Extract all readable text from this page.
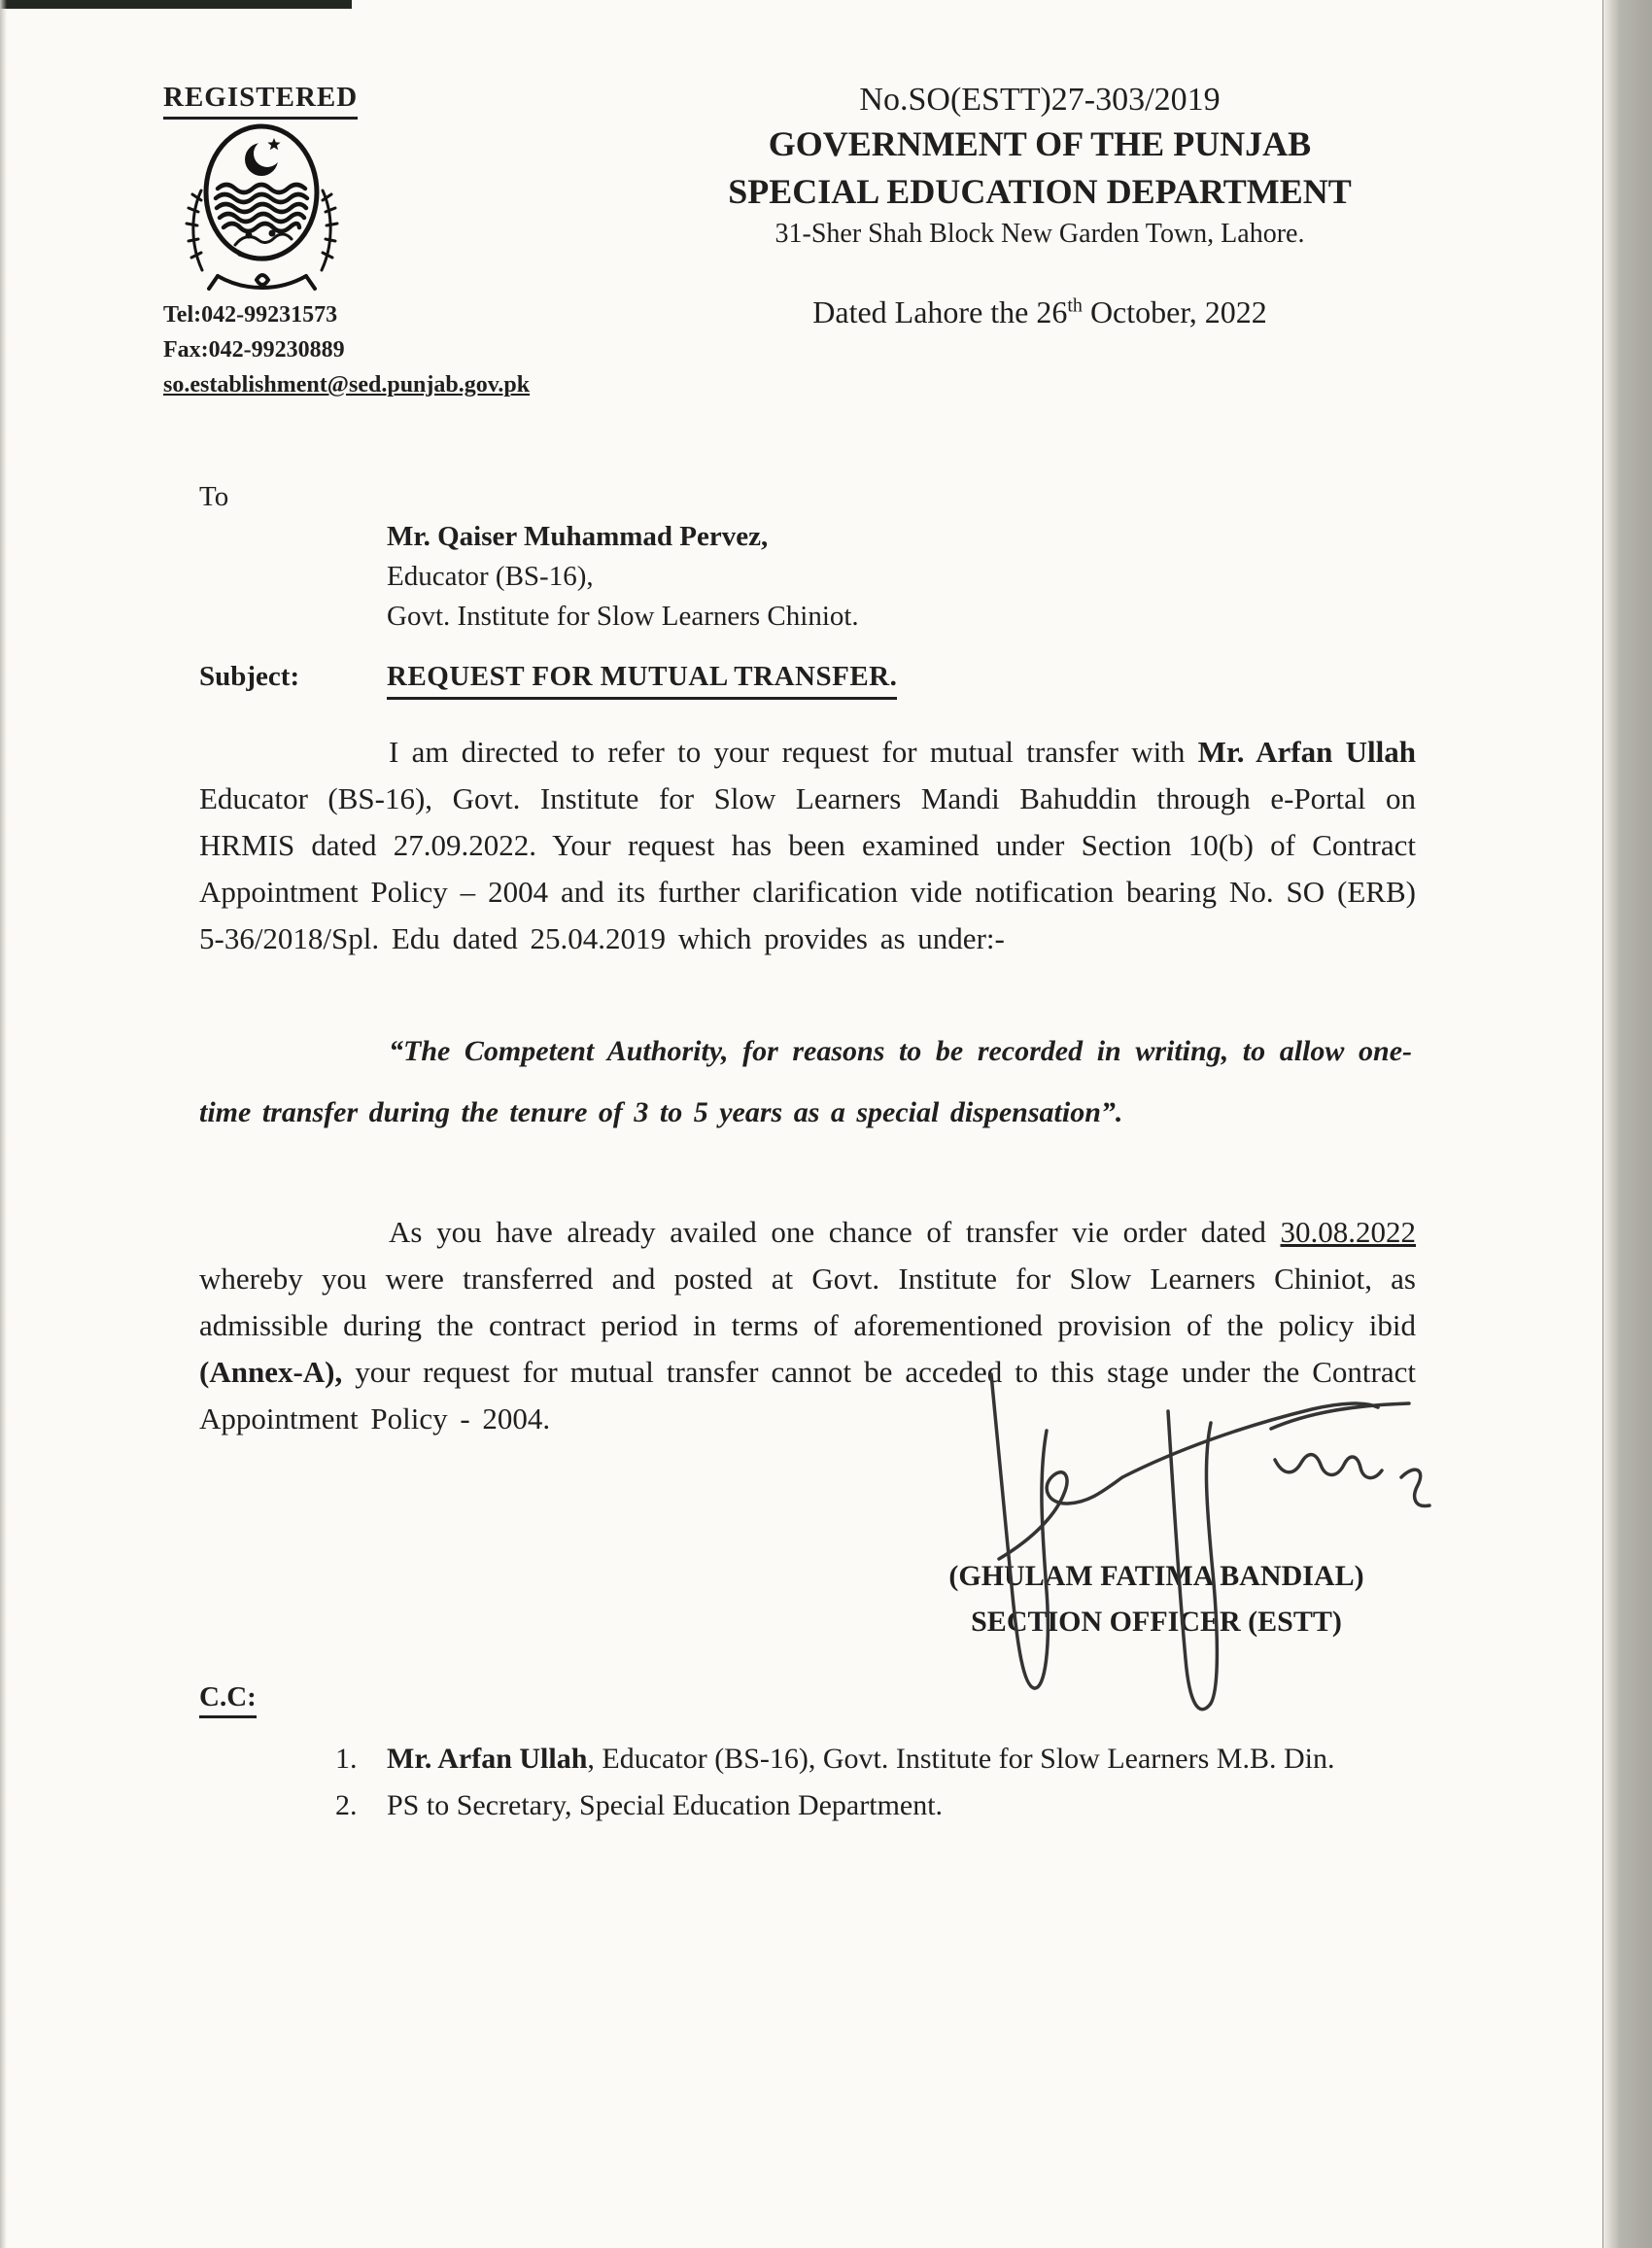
REGISTERED
Tel:042-99231573
Fax:042-99230889
so.establishment@sed.punjab.gov.pk
No.SO(ESTT)27-303/2019
GOVERNMENT OF THE PUNJAB
SPECIAL EDUCATION DEPARTMENT
31-Sher Shah Block New Garden Town, Lahore.
Dated Lahore the 26th October, 2022
To
Mr. Qaiser Muhammad Pervez,
Educator (BS-16),
Govt. Institute for Slow Learners Chiniot.
Subject:	REQUEST FOR MUTUAL TRANSFER.
I am directed to refer to your request for mutual transfer with Mr. Arfan Ullah Educator (BS-16), Govt. Institute for Slow Learners Mandi Bahuddin through e-Portal on HRMIS dated 27.09.2022. Your request has been examined under Section 10(b) of Contract Appointment Policy – 2004 and its further clarification vide notification bearing No. SO (ERB) 5-36/2018/Spl. Edu dated 25.04.2019 which provides as under:-
“The Competent Authority, for reasons to be recorded in writing, to allow one-time transfer during the tenure of 3 to 5 years as a special dispensation”.
As you have already availed one chance of transfer vie order dated 30.08.2022 whereby you were transferred and posted at Govt. Institute for Slow Learners Chiniot, as admissible during the contract period in terms of aforementioned provision of the policy ibid (Annex-A), your request for mutual transfer cannot be acceded to this stage under the Contract Appointment Policy - 2004.
(GHULAM FATIMA BANDIAL)
SECTION OFFICER (ESTT)
C.C:
1.	Mr. Arfan Ullah, Educator (BS-16), Govt. Institute for Slow Learners M.B. Din.
2.	PS to Secretary, Special Education Department.
